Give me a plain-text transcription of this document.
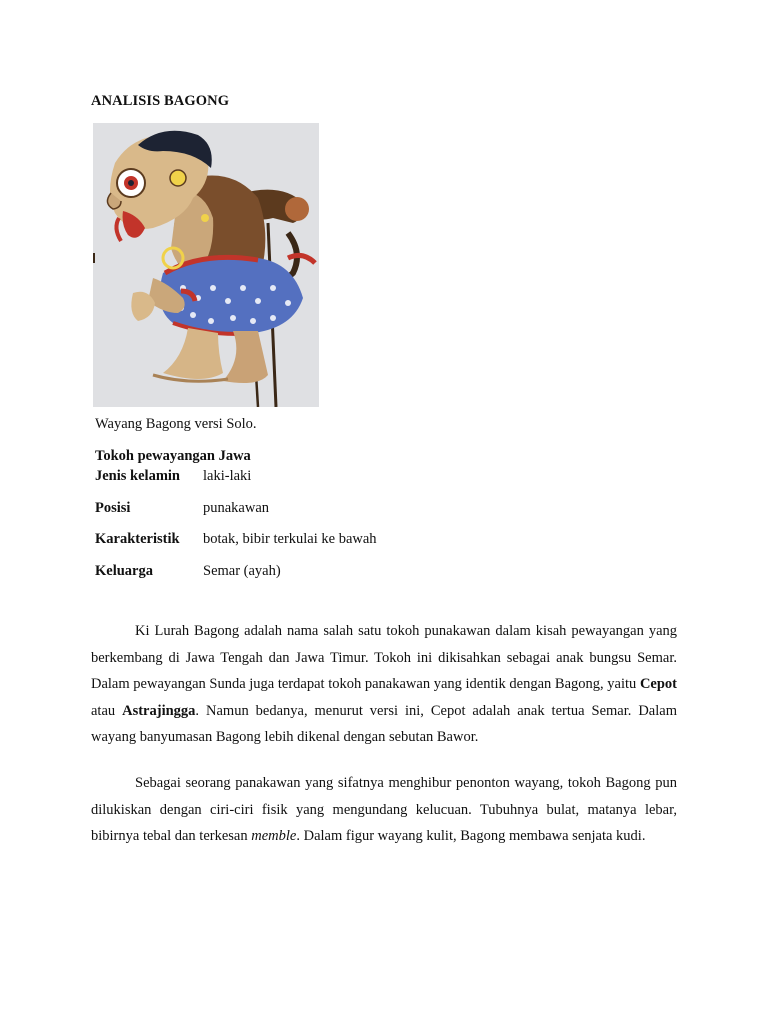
ANALISIS BAGONG
Wayang Bagong versi Solo.
Tokoh pewayangan Jawa
Jenis kelamin laki-laki
Posisi	punakawan
Karakteristik botak, bibir terkulai ke bawah
Keluarga	Semar (ayah)

Ki Lurah Bagong adalah nama salah satu tokoh punakawan dalam kisah pewayangan yang berkembang di Jawa Tengah dan Jawa Timur. Tokoh ini dikisahkan sebagai anak bungsu Semar. Dalam pewayangan Sunda juga terdapat tokoh panakawan yang identik dengan Bagong, yaitu Cepot atau Astrajingga. Namun bedanya, menurut versi ini, Cepot adalah anak tertua Semar. Dalam wayang banyumasan Bagong lebih dikenal dengan sebutan Bawor.

Sebagai seorang panakawan yang sifatnya menghibur penonton wayang, tokoh Bagong pun dilukiskan dengan ciri-ciri fisik yang mengundang kelucuan. Tubuhnya bulat, matanya lebar, bibirnya tebal dan terkesan memble. Dalam figur wayang kulit, Bagong membawa senjata kudi.
